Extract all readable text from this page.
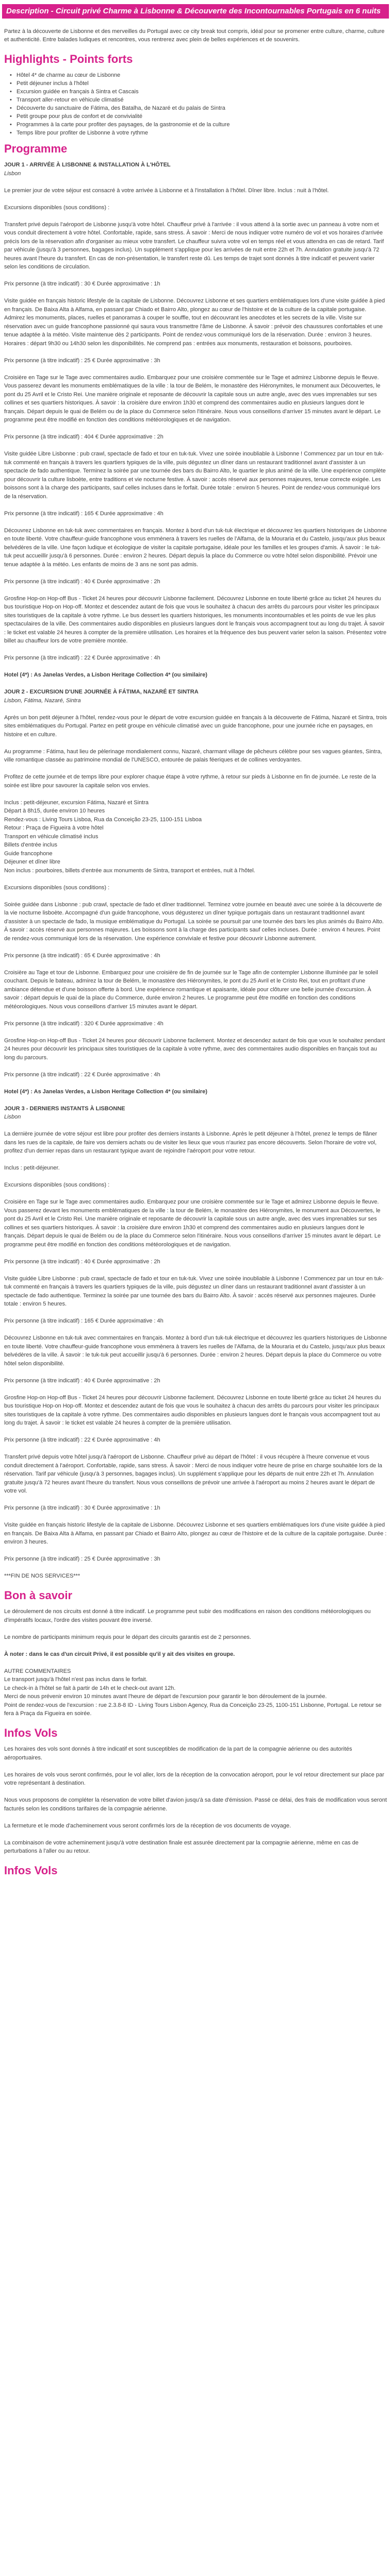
Description - Circuit privé Charme à Lisbonne & Découverte des Incontournables Portugais en 6 nuits

Partez à la découverte de Lisbonne et des merveilles du Portugal avec ce city break tout compris, idéal pour se promener entre culture, charme, culture et authenticité. Entre balades ludiques et rencontres, vous rentrerez avec plein de belles expériences et de souvenirs.

Highlights - Points forts
• Hôtel 4* de charme au cœur de Lisbonne
• Petit déjeuner inclus à l'hôtel
• Excursion guidée en français à Sintra et Cascais
• Transport aller-retour en véhicule climatisé
• Découverte du sanctuaire de Fátima, des Batalha, de Nazaré et du palais de Sintra
• Petit groupe pour plus de confort et de convivialité
• Programmes à la carte pour profiter des paysages, de la gastronomie et de la culture
• Temps libre pour profiter de Lisbonne à votre rythme
Programme

JOUR 1 - ARRIVÉE À LISBONNE & INSTALLATION À L'HÔTEL

Lisbon

Le premier jour de votre séjour est consacré à votre arrivée à Lisbonne et à l'installation à l'hôtel. Dîner libre. Inclus : nuit à l'hôtel.

Excursions disponibles (sous conditions) :

Transfert privé depuis l'aéroport de Lisbonne jusqu'à votre hôtel. Chauffeur privé à l'arrivée : il vous attend à la sortie avec un panneau à votre nom et vous conduit directement à votre hôtel. Confortable, rapide, sans stress. À savoir : Merci de nous indiquer votre numéro de vol et vos horaires d'arrivée précis lors de la réservation afin d'organiser au mieux votre transfert. Le chauffeur suivra votre vol en temps réel et vous attendra en cas de retard. Tarif par véhicule (jusqu'à 3 personnes, bagages inclus). Un supplément s'applique pour les arrivées de nuit entre 22h et 7h. Annulation gratuite jusqu'à 72 heures avant l'heure du transfert. En cas de non-présentation, le transfert reste dû. Les temps de trajet sont donnés à titre indicatif et peuvent varier selon les conditions de circulation.

Prix personne (à titre indicatif) : 30 € Durée approximative : 1h

Visite guidée en français historic lifestyle de la capitale de Lisbonne. Découvrez Lisbonne et ses quartiers emblématiques lors d'une visite guidée à pied en français. De Baixa Alta à Alfama, en passant par Chiado et Bairro Alto, plongez au cœur de l'histoire et de la culture de la capitale portugaise. Admirez les monuments, places, ruelles et panoramas à couper le souffle, tout en découvrant les anecdotes et les secrets de la ville. Visite sur réservation avec un guide francophone passionné qui saura vous transmettre l'âme de Lisbonne. À savoir : prévoir des chaussures confortables et une tenue adaptée à la météo. Visite maintenue dès 2 participants. Point de rendez-vous communiqué lors de la réservation. Durée : environ 3 heures. Horaires : départ 9h30 ou 14h30 selon les disponibilités. Ne comprend pas : entrées aux monuments, restauration et boissons, pourboires.

Prix personne (à titre indicatif) : 25 € Durée approximative : 3h

Croisière en Tage sur le Tage avec commentaires audio. Embarquez pour une croisière commentée sur le Tage et admirez Lisbonne depuis le fleuve. Vous passerez devant les monuments emblématiques de la ville : la tour de Belém, le monastère des Hiéronymites, le monument aux Découvertes, le pont du 25 Avril et le Cristo Rei. Une manière originale et reposante de découvrir la capitale sous un autre angle, avec des vues imprenables sur ses collines et ses quartiers historiques. À savoir : la croisière dure environ 1h30 et comprend des commentaires audio en plusieurs langues dont le français. Départ depuis le quai de Belém ou de la place du Commerce selon l'itinéraire. Nous vous conseillons d'arriver 15 minutes avant le départ. Le programme peut être modifié en fonction des conditions météorologiques et de navigation.

Prix personne (à titre indicatif) : 404 € Durée approximative : 2h

Visite guidée Libre Lisbonne : pub crawl, spectacle de fado et tour en tuk-tuk. Vivez une soirée inoubliable à Lisbonne ! Commencez par un tour en tuk-tuk commenté en français à travers les quartiers typiques de la ville, puis dégustez un dîner dans un restaurant traditionnel avant d'assister à un spectacle de fado authentique. Terminez la soirée par une tournée des bars du Bairro Alto, le quartier le plus animé de la ville. Une expérience complète pour découvrir la culture lisboète, entre traditions et vie nocturne festive. À savoir : accès réservé aux personnes majeures, tenue correcte exigée. Les boissons sont à la charge des participants, sauf celles incluses dans le forfait. Durée totale : environ 5 heures. Point de rendez-vous communiqué lors de la réservation.

Prix personne (à titre indicatif) : 165 € Durée approximative : 4h

Découvrez Lisbonne en tuk-tuk avec commentaires en français. Montez à bord d'un tuk-tuk électrique et découvrez les quartiers historiques de Lisbonne en toute liberté. Votre chauffeur-guide francophone vous emmènera à travers les ruelles de l'Alfama, de la Mouraria et du Castelo, jusqu'aux plus beaux belvédères de la ville. Une façon ludique et écologique de visiter la capitale portugaise, idéale pour les familles et les groupes d'amis. À savoir : le tuk-tuk peut accueillir jusqu'à 6 personnes. Durée : environ 2 heures. Départ depuis la place du Commerce ou votre hôtel selon disponibilité. Prévoir une tenue adaptée à la météo. Les enfants de moins de 3 ans ne sont pas admis.

Prix personne (à titre indicatif) : 40 € Durée approximative : 2h

Grosfine Hop-on Hop-off Bus - Ticket 24 heures pour découvrir Lisbonne facilement. Découvrez Lisbonne en toute liberté grâce au ticket 24 heures du bus touristique Hop-on Hop-off. Montez et descendez autant de fois que vous le souhaitez à chacun des arrêts du parcours pour visiter les principaux sites touristiques de la capitale à votre rythme. Le bus dessert les quartiers historiques, les monuments incontournables et les points de vue les plus spectaculaires de la ville. Des commentaires audio disponibles en plusieurs langues dont le français vous accompagnent tout au long du trajet. À savoir : le ticket est valable 24 heures à compter de la première utilisation. Les horaires et la fréquence des bus peuvent varier selon la saison. Présentez votre billet au chauffeur lors de votre première montée.

Prix personne (à titre indicatif) : 22 € Durée approximative : 4h

Hotel (4*) : As Janelas Verdes, a Lisbon Heritage Collection 4* (ou similaire)

JOUR 2 - EXCURSION D'UNE JOURNÉE À FÁTIMA, NAZARÉ ET SINTRA

Lisbon, Fátima, Nazaré, Sintra

Après un bon petit déjeuner à l'hôtel, rendez-vous pour le départ de votre excursion guidée en français à la découverte de Fátima, Nazaré et Sintra, trois sites emblématiques du Portugal. Partez en petit groupe en véhicule climatisé avec un guide francophone, pour une journée riche en paysages, en histoire et en culture.

Au programme : Fátima, haut lieu de pèlerinage mondialement connu, Nazaré, charmant village de pêcheurs célèbre pour ses vagues géantes, Sintra, ville romantique classée au patrimoine mondial de l'UNESCO, entourée de palais féeriques et de collines verdoyantes.

Profitez de cette journée et de temps libre pour explorer chaque étape à votre rythme, à retour sur pieds à Lisbonne en fin de journée. Le reste de la soirée est libre pour savourer la capitale selon vos envies.

Inclus : petit-déjeuner, excursion Fátima, Nazaré et Sintra

Départ à 8h15, durée environ 10 heures

Rendez-vous : Living Tours Lisboa, Rua da Conceição 23-25, 1100-151 Lisboa

Retour : Praça de Figueira à votre hôtel

Transport en véhicule climatisé inclus

Billets d'entrée inclus

Guide francophone

Déjeuner et dîner libre

Non inclus : pourboires, billets d'entrée aux monuments de Sintra, transport et entrées, nuit à l'hôtel.

Excursions disponibles (sous conditions) :

Soirée guidée dans Lisbonne : pub crawl, spectacle de fado et dîner traditionnel. Terminez votre journée en beauté avec une soirée à la découverte de la vie nocturne lisboète. Accompagné d'un guide francophone, vous dégusterez un dîner typique portugais dans un restaurant traditionnel avant d'assister à un spectacle de fado, la musique emblématique du Portugal. La soirée se poursuit par une tournée des bars les plus animés du Bairro Alto. À savoir : accès réservé aux personnes majeures. Les boissons sont à la charge des participants sauf celles incluses. Durée : environ 4 heures. Point de rendez-vous communiqué lors de la réservation. Une expérience conviviale et festive pour découvrir Lisbonne autrement.

Prix personne (à titre indicatif) : 65 € Durée approximative : 4h

Croisière au Tage et tour de Lisbonne. Embarquez pour une croisière de fin de journée sur le Tage afin de contempler Lisbonne illuminée par le soleil couchant. Depuis le bateau, admirez la tour de Belém, le monastère des Hiéronymites, le pont du 25 Avril et le Cristo Rei, tout en profitant d'une ambiance détendue et d'une boisson offerte à bord. Une expérience romantique et apaisante, idéale pour clôturer une belle journée d'excursion. À savoir : départ depuis le quai de la place du Commerce, durée environ 2 heures. Le programme peut être modifié en fonction des conditions météorologiques. Nous vous conseillons d'arriver 15 minutes avant le départ.

Prix personne (à titre indicatif) : 320 € Durée approximative : 4h

Grosfine Hop-on Hop-off Bus - Ticket 24 heures pour découvrir Lisbonne facilement. Montez et descendez autant de fois que vous le souhaitez pendant 24 heures pour découvrir les principaux sites touristiques de la capitale à votre rythme, avec des commentaires audio disponibles en français tout au long du parcours.

Prix personne (à titre indicatif) : 22 € Durée approximative : 4h

Hotel (4*) : As Janelas Verdes, a Lisbon Heritage Collection 4* (ou similaire)

JOUR 3 - DERNIERS INSTANTS À LISBONNE

Lisbon

La dernière journée de votre séjour est libre pour profiter des derniers instants à Lisbonne. Après le petit déjeuner à l'hôtel, prenez le temps de flâner dans les rues de la capitale, de faire vos derniers achats ou de visiter les lieux que vous n'auriez pas encore découverts. Selon l'horaire de votre vol, profitez d'un dernier repas dans un restaurant typique avant de rejoindre l'aéroport pour votre retour.

Inclus : petit-déjeuner.

Excursions disponibles (sous conditions) :

Croisière en Tage sur le Tage avec commentaires audio. Embarquez pour une croisière commentée sur le Tage et admirez Lisbonne depuis le fleuve. Vous passerez devant les monuments emblématiques de la ville : la tour de Belém, le monastère des Hiéronymites, le monument aux Découvertes, le pont du 25 Avril et le Cristo Rei. Une manière originale et reposante de découvrir la capitale sous un autre angle, avec des vues imprenables sur ses collines et ses quartiers historiques. À savoir : la croisière dure environ 1h30 et comprend des commentaires audio en plusieurs langues dont le français. Départ depuis le quai de Belém ou de la place du Commerce selon l'itinéraire. Nous vous conseillons d'arriver 15 minutes avant le départ. Le programme peut être modifié en fonction des conditions météorologiques et de navigation.

Prix personne (à titre indicatif) : 40 € Durée approximative : 2h

Visite guidée Libre Lisbonne : pub crawl, spectacle de fado et tour en tuk-tuk. Vivez une soirée inoubliable à Lisbonne ! Commencez par un tour en tuk-tuk commenté en français à travers les quartiers typiques de la ville, puis dégustez un dîner dans un restaurant traditionnel avant d'assister à un spectacle de fado authentique. Terminez la soirée par une tournée des bars du Bairro Alto. À savoir : accès réservé aux personnes majeures. Durée totale : environ 5 heures.

Prix personne (à titre indicatif) : 165 € Durée approximative : 4h

Découvrez Lisbonne en tuk-tuk avec commentaires en français. Montez à bord d'un tuk-tuk électrique et découvrez les quartiers historiques de Lisbonne en toute liberté. Votre chauffeur-guide francophone vous emmènera à travers les ruelles de l'Alfama, de la Mouraria et du Castelo, jusqu'aux plus beaux belvédères de la ville. À savoir : le tuk-tuk peut accueillir jusqu'à 6 personnes. Durée : environ 2 heures. Départ depuis la place du Commerce ou votre hôtel selon disponibilité.

Prix personne (à titre indicatif) : 40 € Durée approximative : 2h

Grosfine Hop-on Hop-off Bus - Ticket 24 heures pour découvrir Lisbonne facilement. Découvrez Lisbonne en toute liberté grâce au ticket 24 heures du bus touristique Hop-on Hop-off. Montez et descendez autant de fois que vous le souhaitez à chacun des arrêts du parcours pour visiter les principaux sites touristiques de la capitale à votre rythme. Des commentaires audio disponibles en plusieurs langues dont le français vous accompagnent tout au long du trajet. À savoir : le ticket est valable 24 heures à compter de la première utilisation.

Prix personne (à titre indicatif) : 22 € Durée approximative : 4h

Transfert privé depuis votre hôtel jusqu'à l'aéroport de Lisbonne. Chauffeur privé au départ de l'hôtel : il vous récupère à l'heure convenue et vous conduit directement à l'aéroport. Confortable, rapide, sans stress. À savoir : Merci de nous indiquer votre heure de prise en charge souhaitée lors de la réservation. Tarif par véhicule (jusqu'à 3 personnes, bagages inclus). Un supplément s'applique pour les départs de nuit entre 22h et 7h. Annulation gratuite jusqu'à 72 heures avant l'heure du transfert. Nous vous conseillons de prévoir une arrivée à l'aéroport au moins 2 heures avant le départ de votre vol.

Prix personne (à titre indicatif) : 30 € Durée approximative : 1h

Visite guidée en français historic lifestyle de la capitale de Lisbonne. Découvrez Lisbonne et ses quartiers emblématiques lors d'une visite guidée à pied en français. De Baixa Alta à Alfama, en passant par Chiado et Bairro Alto, plongez au cœur de l'histoire et de la culture de la capitale portugaise. Durée : environ 3 heures.

Prix personne (à titre indicatif) : 25 € Durée approximative : 3h

***FIN DE NOS SERVICES***

Bon à savoir

Le déroulement de nos circuits est donné à titre indicatif. Le programme peut subir des modifications en raison des conditions météorologiques ou d'impératifs locaux, l'ordre des visites pouvant être inversé.

Le nombre de participants minimum requis pour le départ des circuits garantis est de 2 personnes.

À noter : dans le cas d'un circuit Privé, il est possible qu'il y ait des visites en groupe.

AUTRE COMMENTAIRES

Le transport jusqu'à l'hôtel n'est pas inclus dans le forfait.

Le check-in à l'hôtel se fait à partir de 14h et le check-out avant 12h.

Merci de nous prévenir environ 10 minutes avant l'heure de départ de l'excursion pour garantir le bon déroulement de la journée.

Point de rendez-vous de l'excursion : rue 2.3.8-8 ID - Living Tours Lisbon Agency, Rua da Conceição 23-25, 1100-151 Lisbonne, Portugal. Le retour se fera à Praça da Figueira en soirée.

Infos Vols

Les horaires des vols sont donnés à titre indicatif et sont susceptibles de modification de la part de la compagnie aérienne ou des autorités aéroportuaires.

Les horaires de vols vous seront confirmés, pour le vol aller, lors de la réception de la convocation aéroport, pour le vol retour directement sur place par votre représentant à destination.

Nous vous proposons de compléter la réservation de votre billet d'avion jusqu'à sa date d'émission. Passé ce délai, des frais de modification vous seront facturés selon les conditions tarifaires de la compagnie aérienne.

La fermeture et le mode d'acheminement vous seront confirmés lors de la réception de vos documents de voyage.

La combinaison de votre acheminement jusqu'à votre destination finale est assurée directement par la compagnie aérienne, même en cas de perturbations à l'aller ou au retour.

Infos Vols
